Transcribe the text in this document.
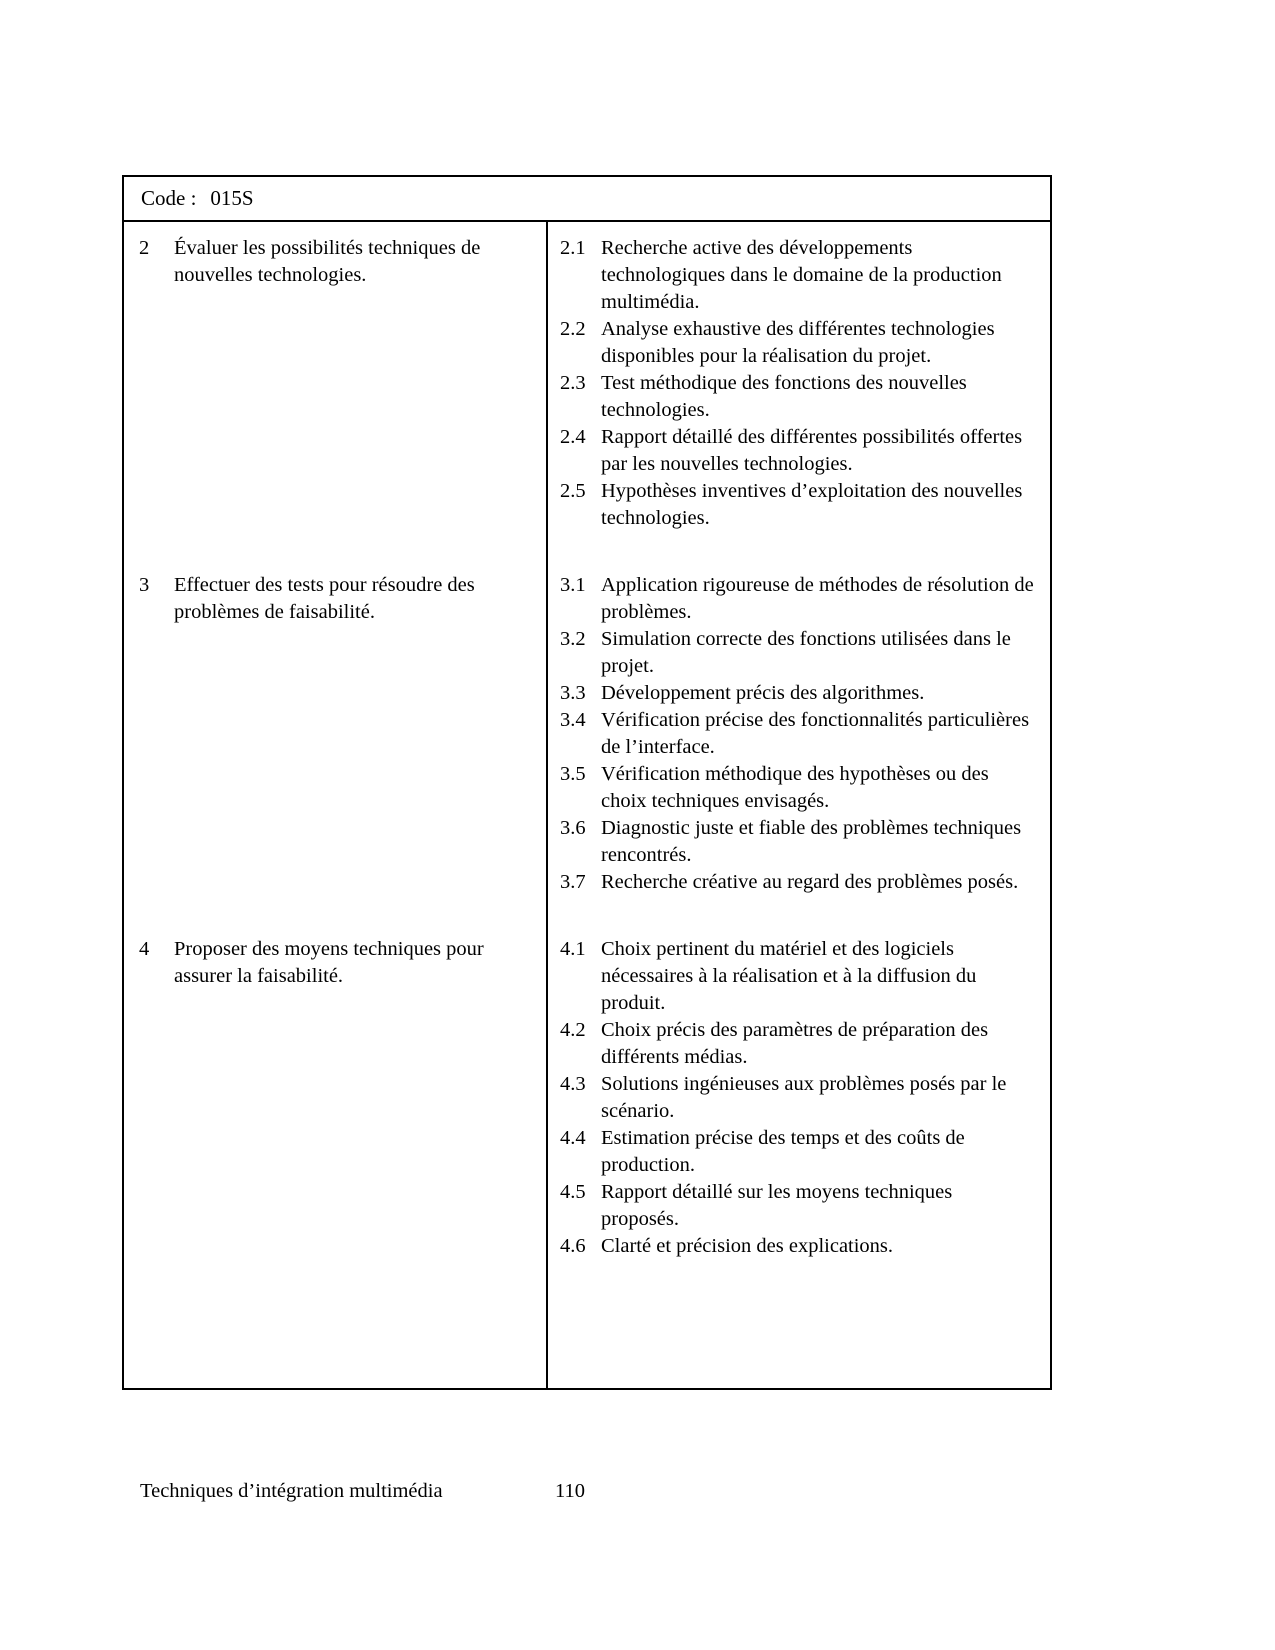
Code : 015S
2	Évaluer les possibilités techniques de nouvelles technologies.
2.1 Recherche active des développements technologiques dans le domaine de la production multimédia.
2.2 Analyse exhaustive des différentes technologies disponibles pour la réalisation du projet.
2.3 Test méthodique des fonctions des nouvelles technologies.
2.4 Rapport détaillé des différentes possibilités offertes par les nouvelles technologies.
2.5 Hypothèses inventives d’exploitation des nouvelles technologies.
3	Effectuer des tests pour résoudre des problèmes de faisabilité.
3.1 Application rigoureuse de méthodes de résolution de problèmes.
3.2 Simulation correcte des fonctions utilisées dans le projet.
3.3 Développement précis des algorithmes.
3.4 Vérification précise des fonctionnalités particulières de l’interface.
3.5 Vérification méthodique des hypothèses ou des choix techniques envisagés.
3.6 Diagnostic juste et fiable des problèmes techniques rencontrés.
3.7 Recherche créative au regard des problèmes posés.
4	Proposer des moyens techniques pour assurer la faisabilité.
4.1 Choix pertinent du matériel et des logiciels nécessaires à la réalisation et à la diffusion du produit.
4.2 Choix précis des paramètres de préparation des différents médias.
4.3 Solutions ingénieuses aux problèmes posés par le scénario.
4.4 Estimation précise des temps et des coûts de production.
4.5 Rapport détaillé sur les moyens techniques proposés.
4.6 Clarté et précision des explications.
Techniques d’intégration multimédia	110
